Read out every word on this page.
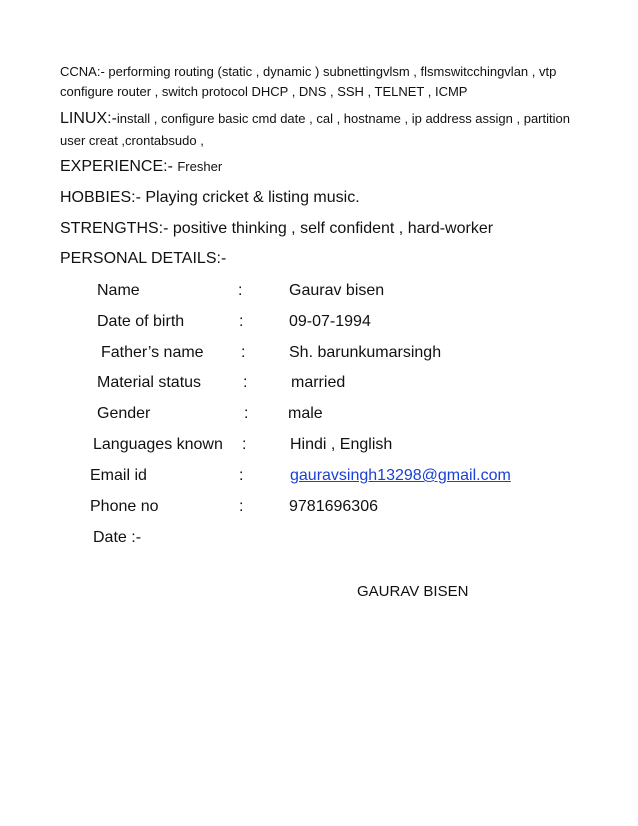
CCNA:- performing routing (static , dynamic ) subnettingvlsm , flsmswitcchingvlan , vtp
configure router , switch protocol DHCP , DNS , SSH , TELNET , ICMP
LINUX:-install , configure basic cmd date , cal , hostname , ip address assign , partition
user creat ,crontabsudo ,
EXPERIENCE:- Fresher
HOBBIES:- Playing cricket & listing music.
STRENGTHS:- positive thinking , self confident , hard-worker
PERSONAL DETAILS:-
Name	:	Gaurav bisen
Date of birth	:	09-07-1994
Father’s name :	Sh. barunkumarsingh
Material status	:	married
Gender	: male
Languages known :	Hindi , English
Email id	:	gauravsingh13298@gmail.com
Phone no	:	9781696306
Date :-
GAURAV BISEN
